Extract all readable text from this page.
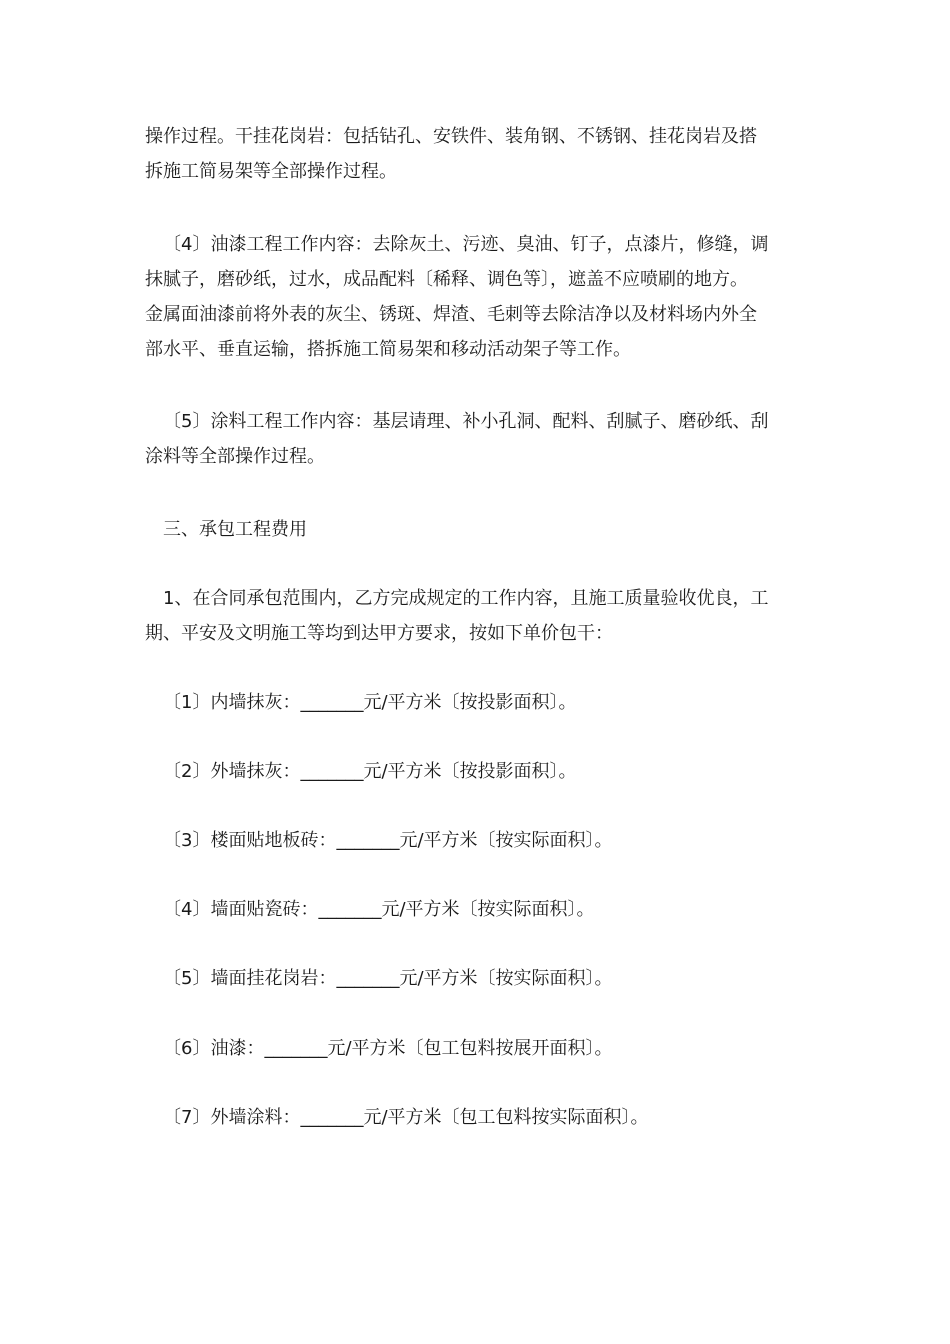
操作过程。干挂花岗岩：包括钻孔、安铁件、装角钢、不锈钢、挂花岗岩及搭
拆施工简易架等全部操作过程。
〔4〕油漆工程工作内容：去除灰土、污迹、臭油、钉子，点漆片，修缝，调
抹腻子，磨砂纸，过水，成品配料〔稀释、调色等〕，遮盖不应喷刷的地方。
金属面油漆前将外表的灰尘、锈斑、焊渣、毛刺等去除洁净以及材料场内外全
部水平、垂直运输，搭拆施工简易架和移动活动架子等工作。
〔5〕涂料工程工作内容：基层请理、补小孔洞、配料、刮腻子、磨砂纸、刮
涂料等全部操作过程。
三、承包工程费用
1、在合同承包范围内，乙方完成规定的工作内容，且施工质量验收优良，工
期、平安及文明施工等均到达甲方要求，按如下单价包干：
〔1〕内墙抹灰：_______元/平方米〔按投影面积〕。
〔2〕外墙抹灰：_______元/平方米〔按投影面积〕。
〔3〕楼面贴地板砖：_______元/平方米〔按实际面积〕。
〔4〕墙面贴瓷砖：_______元/平方米〔按实际面积〕。
〔5〕墙面挂花岗岩：_______元/平方米〔按实际面积〕。
〔6〕油漆：_______元/平方米〔包工包料按展开面积〕。
〔7〕外墙涂料：_______元/平方米〔包工包料按实际面积〕。
